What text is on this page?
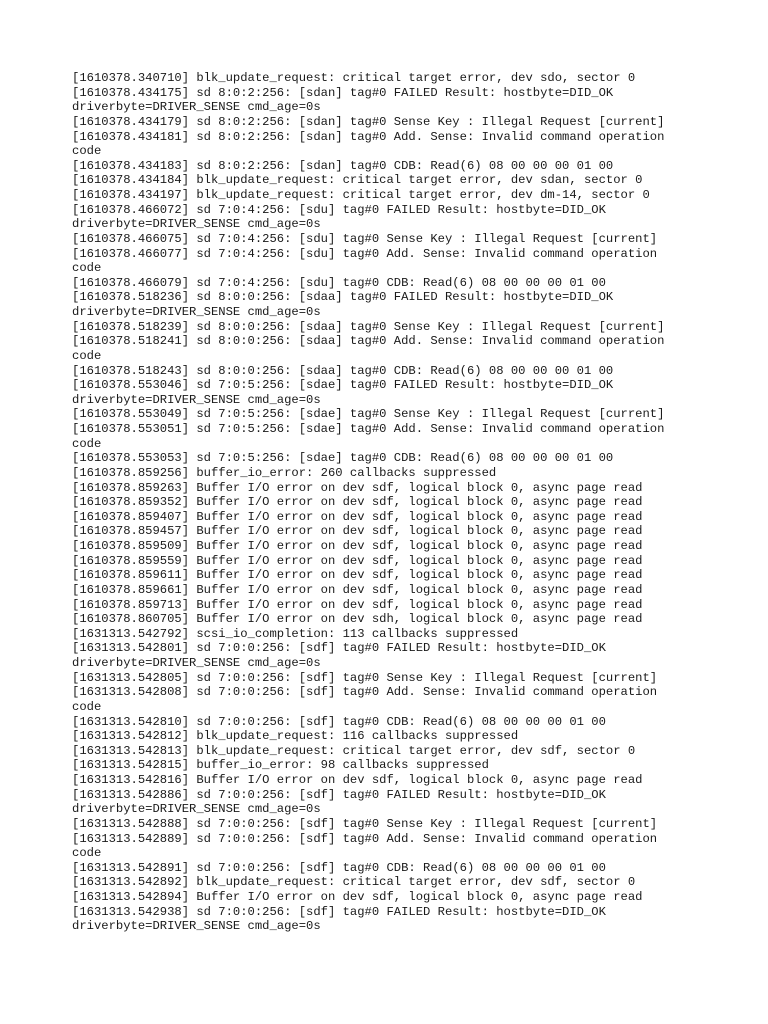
[1610378.340710] blk_update_request: critical target error, dev sdo, sector 0
[1610378.434175] sd 8:0:2:256: [sdan] tag#0 FAILED Result: hostbyte=DID_OK
driverbyte=DRIVER_SENSE cmd_age=0s
[1610378.434179] sd 8:0:2:256: [sdan] tag#0 Sense Key : Illegal Request [current]
[1610378.434181] sd 8:0:2:256: [sdan] tag#0 Add. Sense: Invalid command operation
code
[1610378.434183] sd 8:0:2:256: [sdan] tag#0 CDB: Read(6) 08 00 00 00 01 00
[1610378.434184] blk_update_request: critical target error, dev sdan, sector 0
[1610378.434197] blk_update_request: critical target error, dev dm-14, sector 0
[1610378.466072] sd 7:0:4:256: [sdu] tag#0 FAILED Result: hostbyte=DID_OK
driverbyte=DRIVER_SENSE cmd_age=0s
[1610378.466075] sd 7:0:4:256: [sdu] tag#0 Sense Key : Illegal Request [current]
[1610378.466077] sd 7:0:4:256: [sdu] tag#0 Add. Sense: Invalid command operation
code
[1610378.466079] sd 7:0:4:256: [sdu] tag#0 CDB: Read(6) 08 00 00 00 01 00
[1610378.518236] sd 8:0:0:256: [sdaa] tag#0 FAILED Result: hostbyte=DID_OK
driverbyte=DRIVER_SENSE cmd_age=0s
[1610378.518239] sd 8:0:0:256: [sdaa] tag#0 Sense Key : Illegal Request [current]
[1610378.518241] sd 8:0:0:256: [sdaa] tag#0 Add. Sense: Invalid command operation
code
[1610378.518243] sd 8:0:0:256: [sdaa] tag#0 CDB: Read(6) 08 00 00 00 01 00
[1610378.553046] sd 7:0:5:256: [sdae] tag#0 FAILED Result: hostbyte=DID_OK
driverbyte=DRIVER_SENSE cmd_age=0s
[1610378.553049] sd 7:0:5:256: [sdae] tag#0 Sense Key : Illegal Request [current]
[1610378.553051] sd 7:0:5:256: [sdae] tag#0 Add. Sense: Invalid command operation
code
[1610378.553053] sd 7:0:5:256: [sdae] tag#0 CDB: Read(6) 08 00 00 00 01 00
[1610378.859256] buffer_io_error: 260 callbacks suppressed
[1610378.859263] Buffer I/O error on dev sdf, logical block 0, async page read
[1610378.859352] Buffer I/O error on dev sdf, logical block 0, async page read
[1610378.859407] Buffer I/O error on dev sdf, logical block 0, async page read
[1610378.859457] Buffer I/O error on dev sdf, logical block 0, async page read
[1610378.859509] Buffer I/O error on dev sdf, logical block 0, async page read
[1610378.859559] Buffer I/O error on dev sdf, logical block 0, async page read
[1610378.859611] Buffer I/O error on dev sdf, logical block 0, async page read
[1610378.859661] Buffer I/O error on dev sdf, logical block 0, async page read
[1610378.859713] Buffer I/O error on dev sdf, logical block 0, async page read
[1610378.860705] Buffer I/O error on dev sdh, logical block 0, async page read
[1631313.542792] scsi_io_completion: 113 callbacks suppressed
[1631313.542801] sd 7:0:0:256: [sdf] tag#0 FAILED Result: hostbyte=DID_OK
driverbyte=DRIVER_SENSE cmd_age=0s
[1631313.542805] sd 7:0:0:256: [sdf] tag#0 Sense Key : Illegal Request [current]
[1631313.542808] sd 7:0:0:256: [sdf] tag#0 Add. Sense: Invalid command operation
code
[1631313.542810] sd 7:0:0:256: [sdf] tag#0 CDB: Read(6) 08 00 00 00 01 00
[1631313.542812] blk_update_request: 116 callbacks suppressed
[1631313.542813] blk_update_request: critical target error, dev sdf, sector 0
[1631313.542815] buffer_io_error: 98 callbacks suppressed
[1631313.542816] Buffer I/O error on dev sdf, logical block 0, async page read
[1631313.542886] sd 7:0:0:256: [sdf] tag#0 FAILED Result: hostbyte=DID_OK
driverbyte=DRIVER_SENSE cmd_age=0s
[1631313.542888] sd 7:0:0:256: [sdf] tag#0 Sense Key : Illegal Request [current]
[1631313.542889] sd 7:0:0:256: [sdf] tag#0 Add. Sense: Invalid command operation
code
[1631313.542891] sd 7:0:0:256: [sdf] tag#0 CDB: Read(6) 08 00 00 00 01 00
[1631313.542892] blk_update_request: critical target error, dev sdf, sector 0
[1631313.542894] Buffer I/O error on dev sdf, logical block 0, async page read
[1631313.542938] sd 7:0:0:256: [sdf] tag#0 FAILED Result: hostbyte=DID_OK
driverbyte=DRIVER_SENSE cmd_age=0s
